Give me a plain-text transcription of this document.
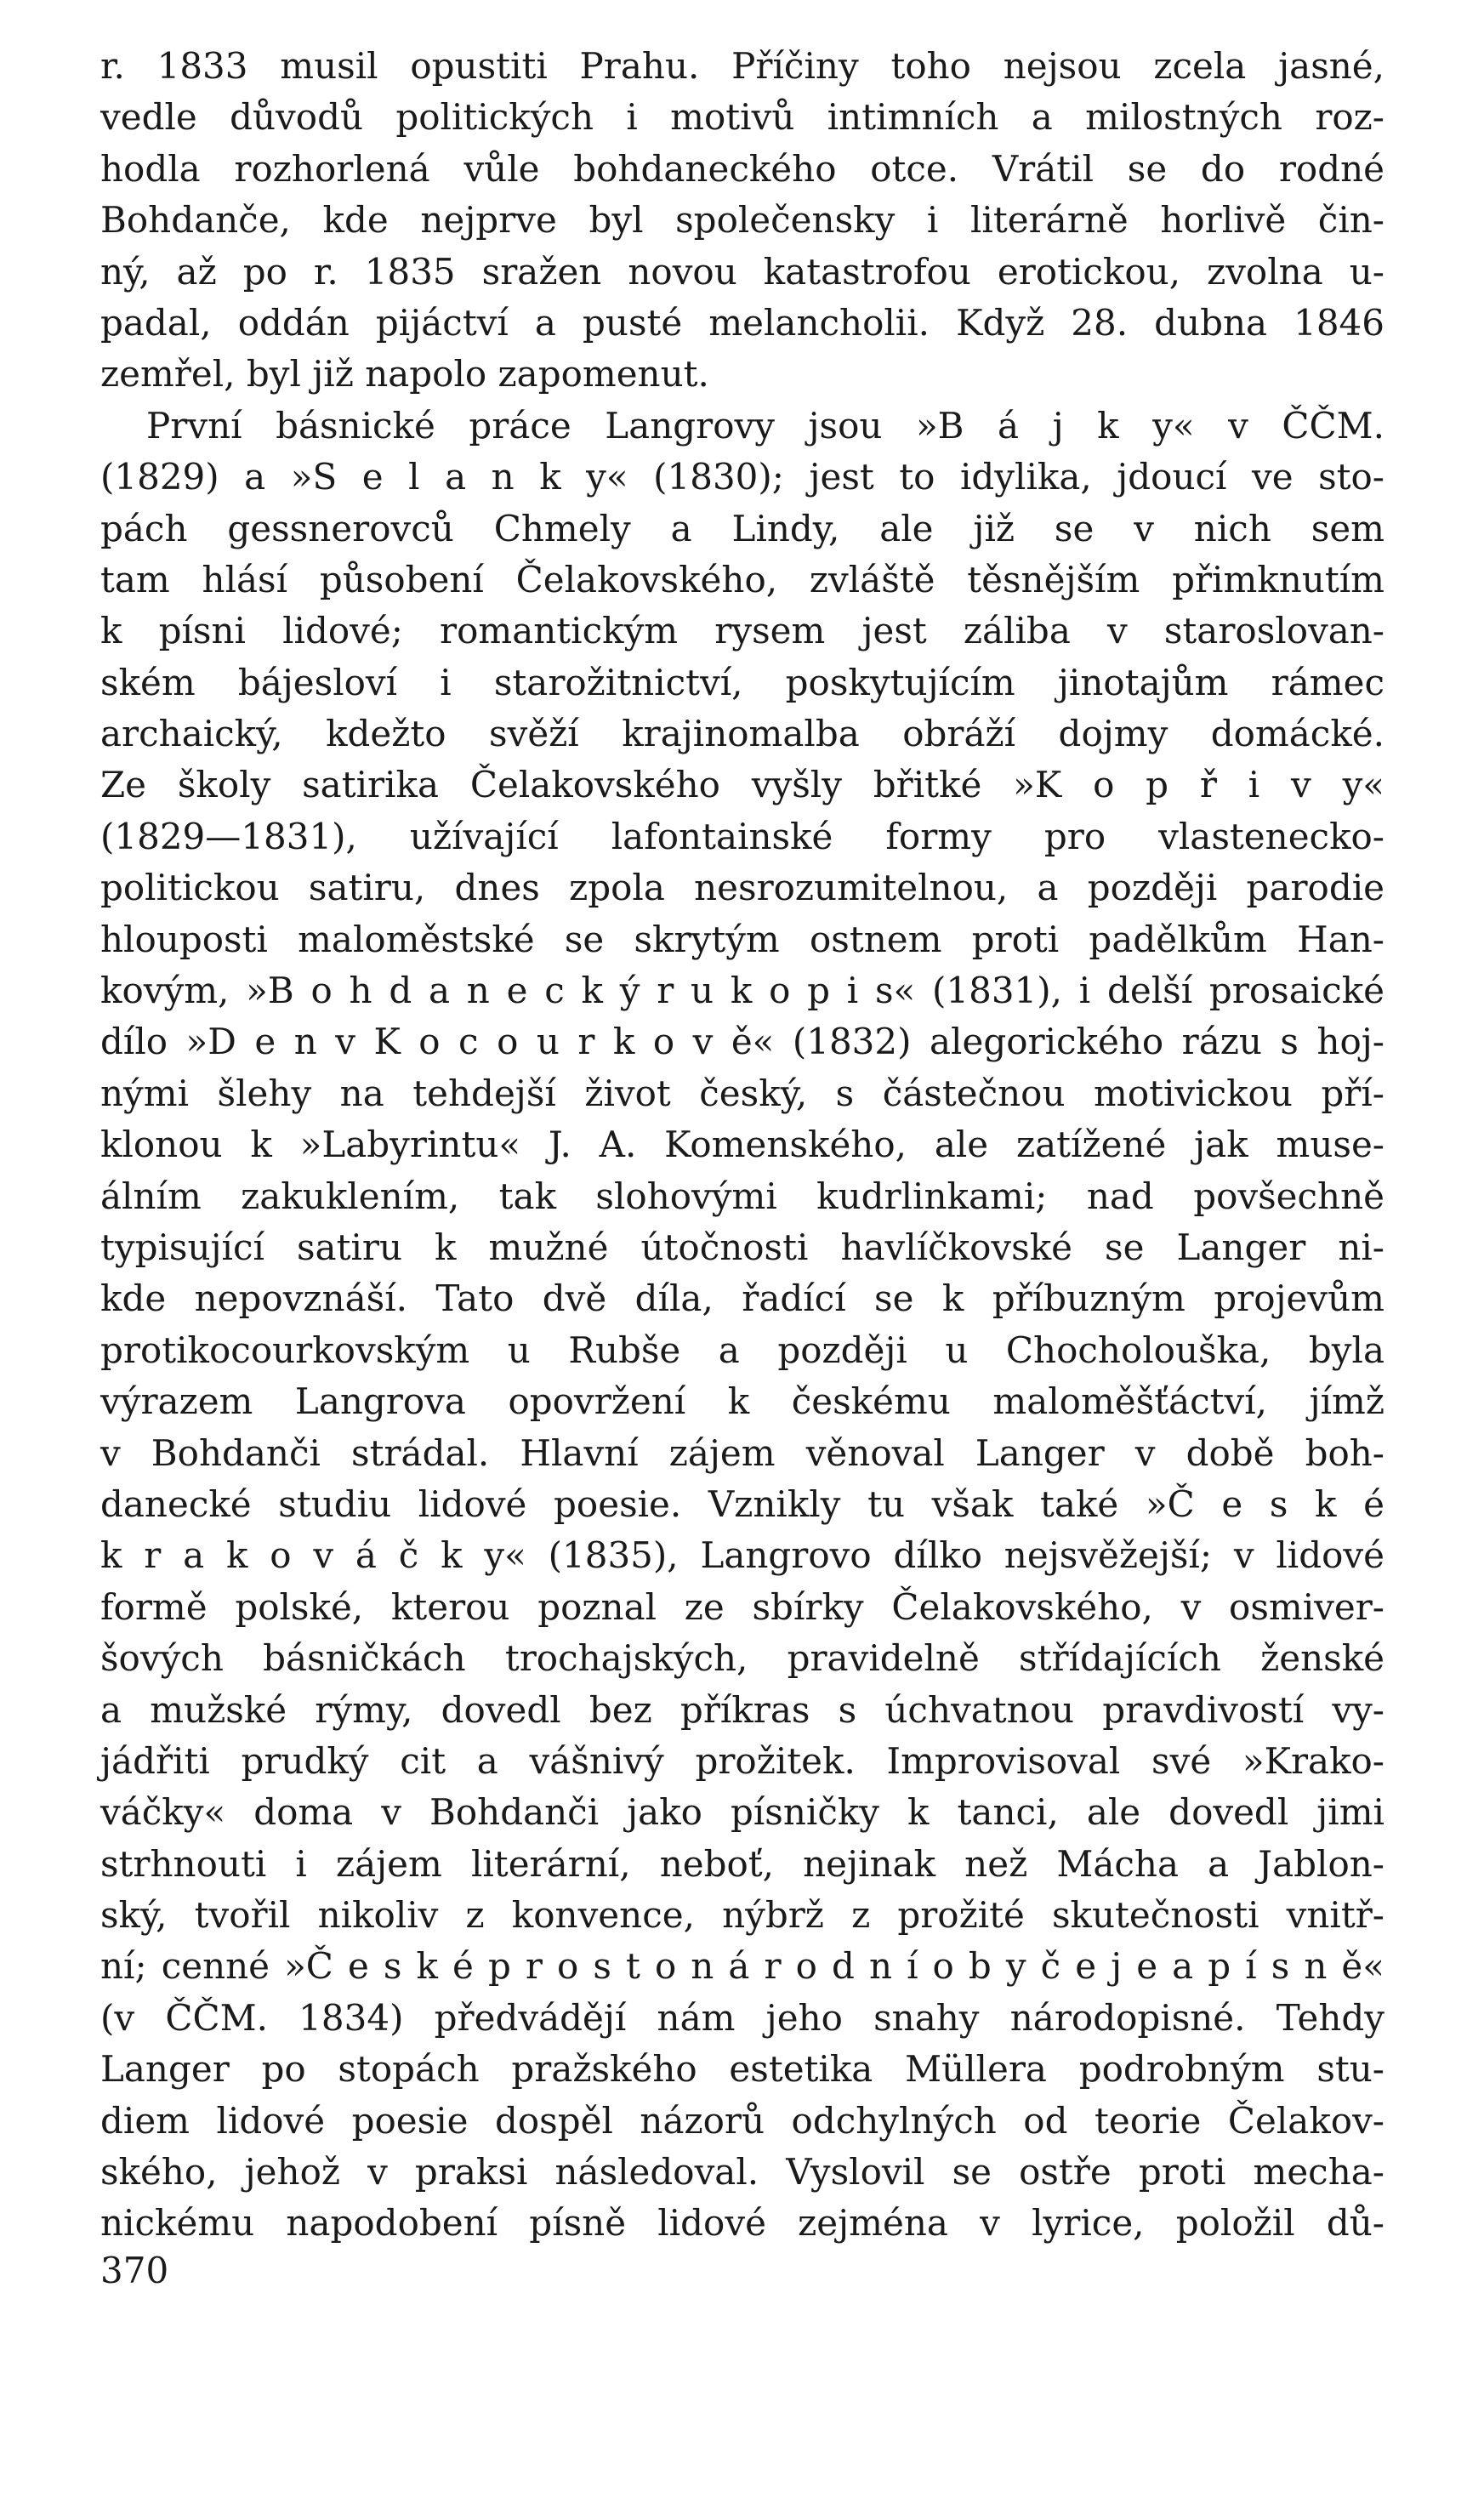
r. 1833 musil opustiti Prahu. Příčiny toho nejsou zcela jasné,
vedle důvodů politických i motivů intimních a milostných roz-
hodla rozhorlená vůle bohdaneckého otce. Vrátil se do rodné
Bohdanče, kde nejprve byl společensky i literárně horlivě čin-
ný, až po r. 1835 sražen novou katastrofou erotickou, zvolna u-
padal, oddán pijáctví a pusté melancholii. Když 28. dubna 1846
zemřel, byl již napolo zapomenut.
První básnické práce Langrovy jsou »B á j k y« v ČČM.
(1829) a »S e l a n k y« (1830); jest to idylika, jdoucí ve sto-
pách gessnerovců Chmely a Lindy, ale již se v nich sem
tam hlásí působení Čelakovského, zvláště těsnějším přimknutím
k písni lidové; romantickým rysem jest záliba v staroslovan-
ském bájesloví i starožitnictví, poskytujícím jinotajům rámec
archaický, kdežto svěží krajinomalba obráží dojmy domácké.
Ze školy satirika Čelakovského vyšly břitké »K o p ř i v y«
(1829—1831), užívající lafontainské formy pro vlastenecko-
politickou satiru, dnes zpola nesrozumitelnou, a později parodie
hlouposti maloměstské se skrytým ostnem proti padělkům Han-
kovým, »B o h d a n e c k ý r u k o p i s« (1831), i delší prosaické
dílo »D e n v K o c o u r k o v ě« (1832) alegorického rázu s hoj-
nými šlehy na tehdejší život český, s částečnou motivickou pří-
klonou k »Labyrintu« J. A. Komenského, ale zatížené jak muse-
álním zakuklením, tak slohovými kudrlinkami; nad povšechně
typisující satiru k mužné útočnosti havlíčkovské se Langer ni-
kde nepovznáší. Tato dvě díla, řadící se k příbuzným projevům
protikocourkovským u Rubše a později u Chocholouška, byla
výrazem Langrova opovržení k českému maloměšťáctví, jímž
v Bohdanči strádal. Hlavní zájem věnoval Langer v době boh-
danecké studiu lidové poesie. Vznikly tu však také »Č e s k é
k r a k o v á č k y« (1835), Langrovo dílko nejsvěžejší; v lidové
formě polské, kterou poznal ze sbírky Čelakovského, v osmiver-
šových básničkách trochajských, pravidelně střídajících ženské
a mužské rýmy, dovedl bez příkras s úchvatnou pravdivostí vy-
jádřiti prudký cit a vášnivý prožitek. Improvisoval své »Krako-
váčky« doma v Bohdanči jako písničky k tanci, ale dovedl jimi
strhnouti i zájem literární, neboť, nejinak než Mácha a Jablon-
ský, tvořil nikoliv z konvence, nýbrž z prožité skutečnosti vnitř-
ní; cenné »Č e s k é p r o s t o n á r o d n í o b y č e j e a p í s n ě«
(v ČČM. 1834) předvádějí nám jeho snahy národopisné. Tehdy
Langer po stopách pražského estetika Müllera podrobným stu-
diem lidové poesie dospěl názorů odchylných od teorie Čelakov-
ského, jehož v praksi následoval. Vyslovil se ostře proti mecha-
nickému napodobení písně lidové zejména v lyrice, položil dů-
370
